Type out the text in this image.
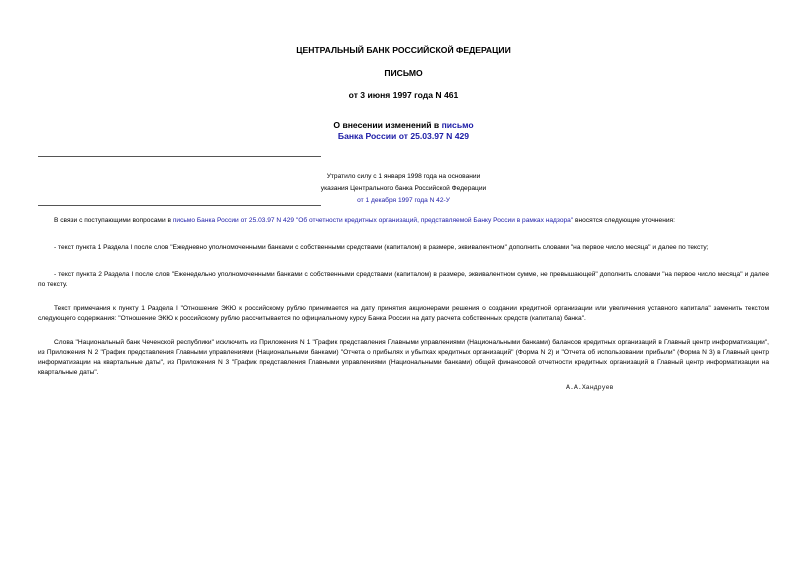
ЦЕНТРАЛЬНЫЙ БАНК РОССИЙСКОЙ ФЕДЕРАЦИИ
ПИСЬМО
от 3 июня 1997 года N 461
О внесении изменений в письмо
Банка России от 25.03.97 N 429
Утратило силу с 1 января 1998 года на основании
указания Центрального банка Российской Федерации
от 1 декабря 1997 года N 42-У

В связи с поступающими вопросами в письмо Банка России от 25.03.97 N 429 "Об отчетности кредитных организаций, представляемой Банку России в рамках надзора" вносятся следующие уточнения:

- текст пункта 1 Раздела I после слов "Ежедневно уполномоченными банками с собственными средствами (капиталом) в размере, эквивалентном" дополнить словами "на первое число месяца" и далее по тексту;

- текст пункта 2 Раздела I после слов "Еженедельно уполномоченными банками с собственными средствами (капиталом) в размере, эквивалентном сумме, не превышающей" дополнить словами "на первое число месяца" и далее по тексту.

Текст примечания к пункту 1 Раздела I "Отношение ЭКЮ к российскому рублю принимается на дату принятия акционерами решения о создании кредитной организации или увеличения уставного капитала" заменить текстом следующего содержания: "Отношение ЭКЮ к российскому рублю рассчитывается по официальному курсу Банка России на дату расчета собственных средств (капитала) банка".

Слова "Национальный банк Чеченской республики" исключить из Приложения N 1 "График представления Главными управлениями (Национальными банками) балансов кредитных организаций в Главный центр информатизации", из Приложения N 2 "График представления Главными управлениями (Национальными банками) "Отчета о прибылях и убытках кредитных организаций" (Форма N 2) и "Отчета об использовании прибыли" (Форма N 3) в Главный центр информатизации на квартальные даты", из Приложения N 3 "График представления Главными управлениями (Национальными банками) общей финансовой отчетности кредитных организаций в Главный центр информатизации на квартальные даты".

А.А.Хандруев
